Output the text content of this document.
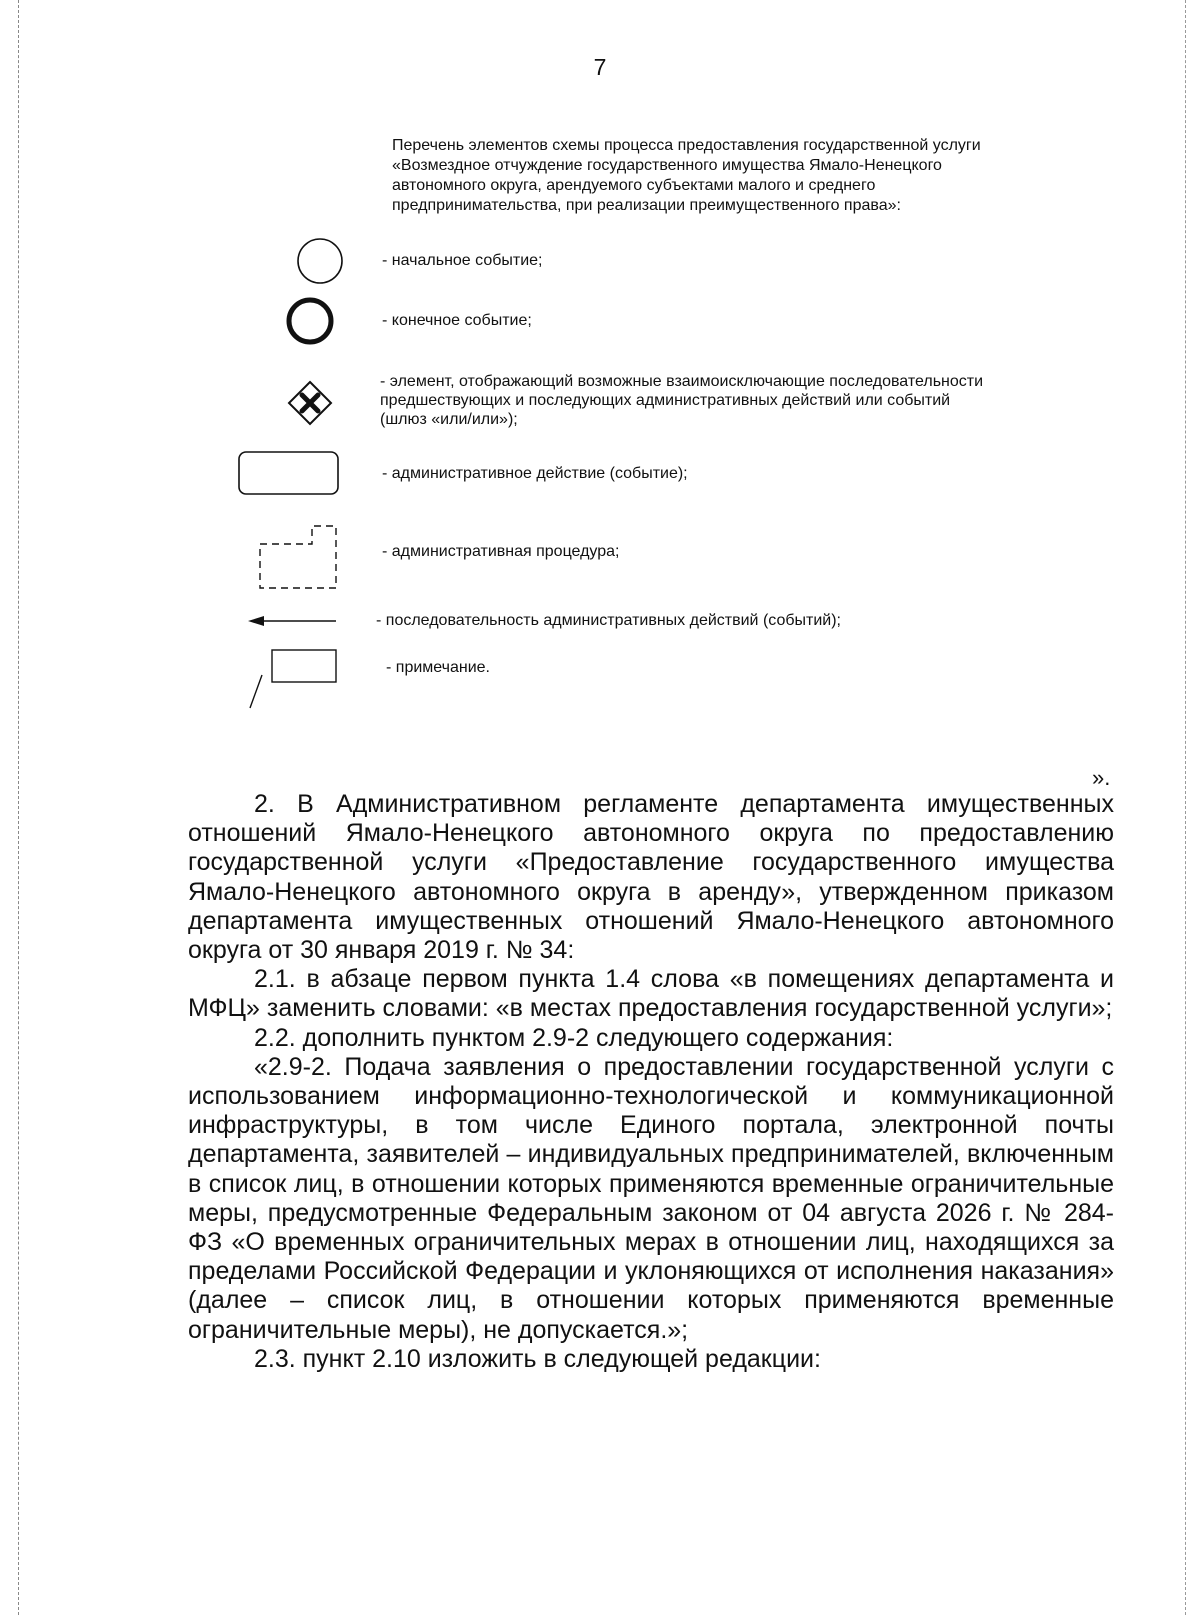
7
Перечень элементов схемы процесса предоставления государственной услуги
«Возмездное отчуждение государственного имущества Ямало-Ненецкого
автономного округа, арендуемого субъектами малого и среднего
предпринимательства, при реализации преимущественного права»:
- начальное событие;
- конечное событие;
- элемент, отображающий возможные взаимоисключающие последовательности
предшествующих и последующих административных действий или событий
(шлюз «или/или»);
- административное действие (событие);
- административная процедура;
- последовательность административных действий (событий);
- примечание.
».

2. В Административном регламенте департамента имущественных отношений Ямало-Ненецкого автономного округа по предоставлению государственной услуги «Предоставление государственного имущества Ямало-Ненецкого автономного округа в аренду», утвержденном приказом департамента имущественных отношений Ямало-Ненецкого автономного округа от 30 января 2019 г. № 34:

2.1. в абзаце первом пункта 1.4 слова «в помещениях департамента и МФЦ» заменить словами: «в местах предоставления государственной услуги»;

2.2. дополнить пунктом 2.9-2 следующего содержания:

«2.9-2. Подача заявления о предоставлении государственной услуги с использованием информационно-технологической и коммуникационной инфраструктуры, в том числе Единого портала, электронной почты департамента, заявителей – индивидуальных предпринимателей, включенным в список лиц, в отношении которых применяются временные ограничительные меры, предусмотренные Федеральным законом от 04 августа 2026 г. № 284-ФЗ «О временных ограничительных мерах в отношении лиц, находящихся за пределами Российской Федерации и уклоняющихся от исполнения наказания» (далее – список лиц, в отношении которых применяются временные ограничительные меры), не допускается.»;

2.3. пункт 2.10 изложить в следующей редакции:
